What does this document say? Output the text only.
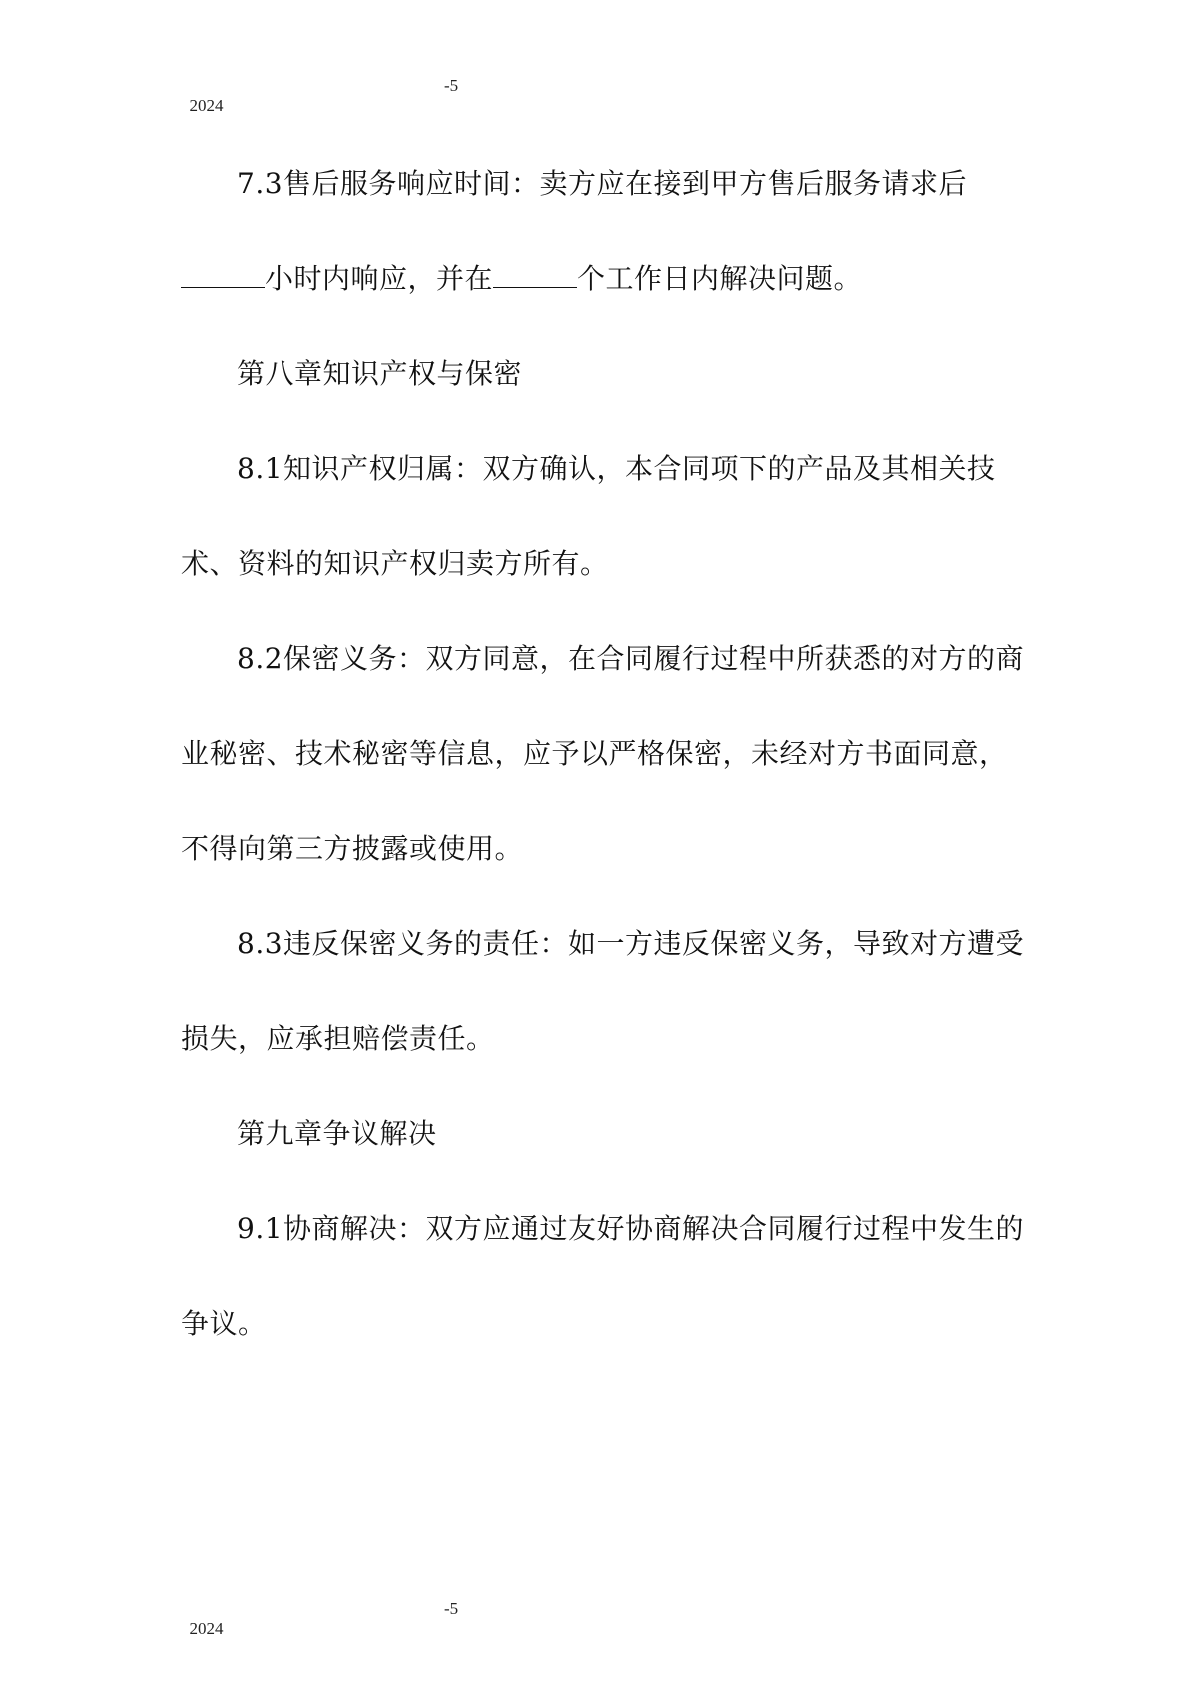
2024

-5

7.3售后服务响应时间：卖方应在接到甲方售后服务请求后

小时内响应，并在	个工作日内解决问题。

第八章知识产权与保密

8.1知识产权归属：双方确认，本合同项下的产品及其相关技

术、资料的知识产权归卖方所有。

8.2保密义务：双方同意，在合同履行过程中所获悉的对方的商

业秘密、技术秘密等信息，应予以严格保密，未经对方书面同意，

不得向第三方披露或使用。

8.3违反保密义务的责任：如一方违反保密义务，导致对方遭受

损失，应承担赔偿责任。

第九章争议解决

9.1协商解决：双方应通过友好协商解决合同履行过程中发生的

争议。

2024

-5
